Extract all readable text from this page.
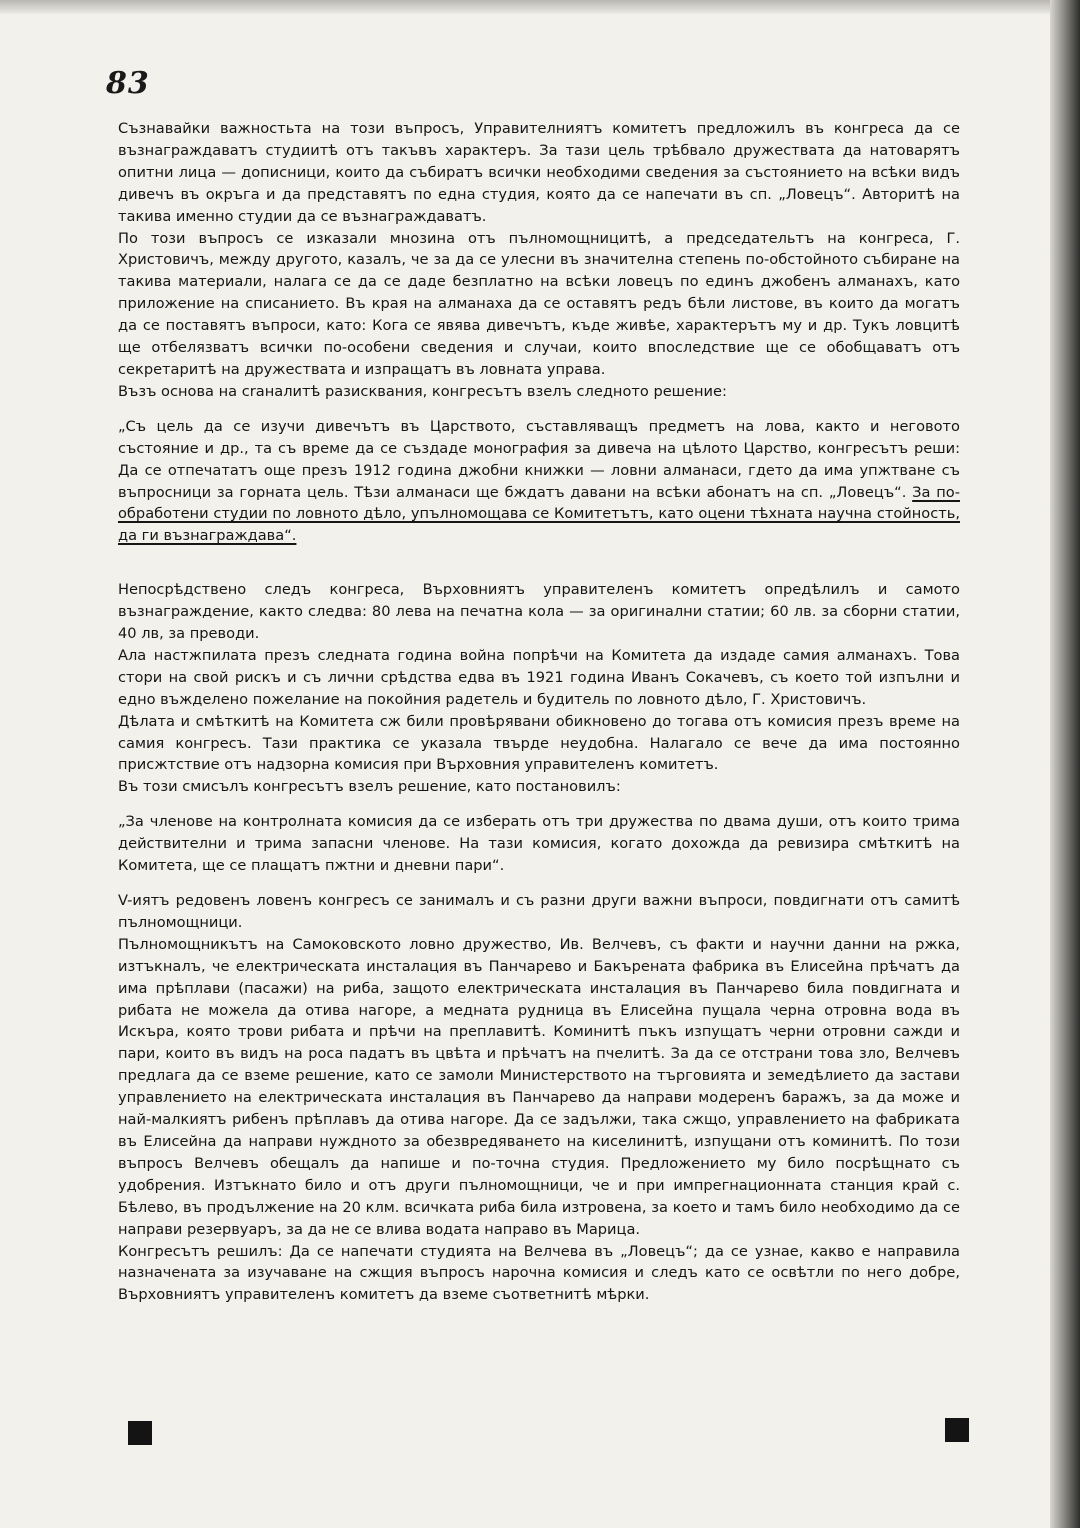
83

Съзнавайки важностьта на този въпросъ, Управителниятъ комитетъ предложилъ въ конгреса да се възнаграждаватъ студиитѣ отъ такъвъ характеръ. За тази цель трѣбвало дружествата да натоварятъ опитни лица — дописници, които да събиратъ всички необходими сведения за състоянието на всѣки видъ дивечъ въ окръга и да представятъ по една студия, която да се напечати въ сп. „Ловецъ“. Авторитѣ на такива именно студии да се възнаграждаватъ.

По този въпросъ се изказали мнозина отъ пълномощницитѣ, а председательтъ на конгреса, Г. Христовичъ, между другото, казалъ, че за да се улесни въ значителна степень по-обстойното събиране на такива материали, налага се да се даде безплатно на всѣки ловецъ по единъ джобенъ алманахъ, като приложение на списанието. Въ края на алманаха да се оставятъ редъ бѣли листове, въ които да могатъ да се поставятъ въпроси, като: Кога се явява дивечътъ, къде живѣе, характерътъ му и др. Тукъ ловцитѣ ще отбелязватъ всички по-особени сведения и случаи, които впоследствие ще се обобщаватъ отъ секретаритѣ на дружествата и изпращатъ въ ловната управа.

Възъ основа на craналитѣ разисквания, конгресътъ взелъ следното решение:

„Съ цель да се изучи дивечътъ въ Царството, съставляващъ предметъ на лова, както и неговото състояние и др., та съ време да се създаде монография за дивеча на цѣлото Царство, конгресътъ реши: Да се отпечататъ още презъ 1912 година джобни книжки — ловни алманаси, гдето да има упжтване съ въпросници за горната цель. Тѣзи алманаси ще бждатъ давани на всѣки абонатъ на сп. „Ловецъ“. За по-обработени студии по ловното дѣло, упълномощава се Комитетътъ, като оцени тѣхната научна стойность, да ги възнаграждава“.

Непосрѣдствено следъ конгреса, Върховниятъ управителенъ комитетъ опредѣлилъ и самото възнаграждение, както следва: 80 лева на печатна кола — за оригинални статии; 60 лв. за сборни статии, 40 лв, за преводи.

Ала настжпилата презъ следната година война попрѣчи на Комитета да издаде самия алманахъ. Това стори на свой рискъ и съ лични срѣдства едва въ 1921 година Иванъ Сокачевъ, съ което той изпълни и едно въжделено пожелание на покойния радетель и будитель по ловното дѣло, Г. Христовичъ.

Дѣлата и смѣткитѣ на Комитета сж били провѣрявани обикновено до тогава отъ комисия презъ време на самия конгресъ. Тази практика се указала твърде неудобна. Налагало се вече да има постоянно присжтствие отъ надзорна комисия при Върховния управителенъ комитетъ.

Въ този смисълъ конгресътъ взелъ решение, като постановилъ:

„За членове на контролната комисия да се изберать отъ три дружества по двама души, отъ които трима действителни и трима запасни членове. На тази комисия, когато дохожда да ревизира смѣткитѣ на Комитета, ще се плащатъ пжтни и дневни пари“.

V-иятъ редовенъ ловенъ конгресъ се занималъ и съ разни други важни въпроси, повдигнати отъ самитѣ пълномощници.

Пълномощникътъ на Самоковското ловно дружество, Ив. Велчевъ, съ факти и научни данни на ржка, изтъкналъ, че електрическата инсталация въ Панчарево и Бакърената фабрика въ Елисейна прѣчатъ да има прѣплави (пасажи) на риба, защото електрическата инсталация въ Панчарево била повдигната и рибата не можела да отива нагоре, а медната рудница въ Елисейна пущала черна отровна вода въ Искъра, която трови рибата и прѣчи на преплавитѣ. Коминитѣ пъкъ изпущатъ черни отровни сажди и пари, които въ видъ на роса падатъ въ цвѣта и прѣчатъ на пчелитѣ. За да се отстрани това зло, Велчевъ предлага да се вземе решение, като се замоли Министерството на търговията и земедѣлието да застави управлението на електрическата инсталация въ Панчарево да направи модеренъ баражъ, за да може и най-малкиятъ рибенъ прѣплавъ да отива нагоре. Да се задължи, така сжщо, управлението на фабриката въ Елисейна да направи нуждното за обезвредяването на киселинитѣ, изпущани отъ коминитѣ. По този въпросъ Велчевъ обещалъ да напише и по-точна студия. Предложението му било посрѣщнато съ удобрения. Изтъкнато било и отъ други пълномощници, че и при импрегнационната станция край с. Бѣлево, въ продължение на 20 клм. всичката риба била изтровена, за което и тамъ било необходимо да се направи резервуаръ, за да не се влива водата направо въ Марица.

Конгресътъ решилъ: Да се напечати студията на Велчева въ „Ловецъ“; да се узнае, какво е направила назначената за изучаване на сжщия въпросъ нарочна комисия и следъ като се освѣтли по него добре, Върховниятъ управителенъ комитетъ да вземе съответнитѣ мѣрки.
